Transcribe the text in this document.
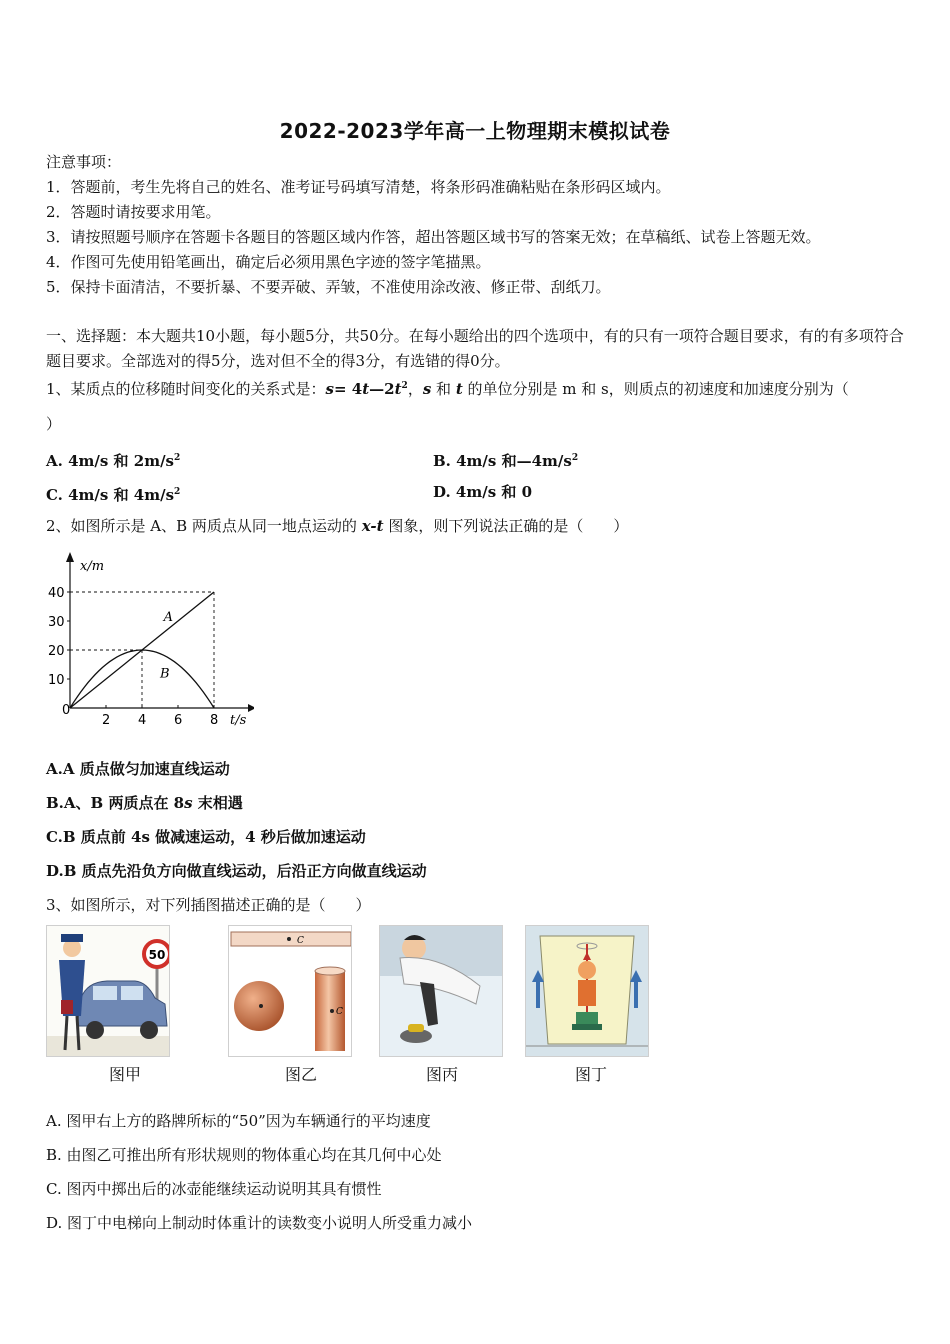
2022-2023学年高一上物理期末模拟试卷
注意事项：
1．答题前，考生先将自己的姓名、准考证号码填写清楚，将条形码准确粘贴在条形码区域内。
2．答题时请按要求用笔。
3．请按照题号顺序在答题卡各题目的答题区域内作答，超出答题区域书写的答案无效；在草稿纸、试卷上答题无效。
4．作图可先使用铅笔画出，确定后必须用黑色字迹的签字笔描黑。
5．保持卡面清洁，不要折暴、不要弄破、弄皱，不准使用涂改液、修正带、刮纸刀。
一、选择题：本大题共10小题，每小题5分，共50分。在每小题给出的四个选项中，有的只有一项符合题目要求，有的有多项符合题目要求。全部选对的得5分，选对但不全的得3分，有选错的得0分。
1、某质点的位移随时间变化的关系式是：$s= 4t—2t^2$，s 和 t 的单位分别是 m 和 s，则质点的初速度和加速度分别为（
）
A. 4m/s 和 $2m/s^2$	B. 4m/s 和$—4m/s^2$
C. 4m/s 和 $4m/s^2$	D. 4m/s 和 0
2、如图所示是 A、B 两质点从同一地点运动的 x-t 图象，则下列说法正确的是（　　）
x/m
t/s
0
10
20
30
40
2 4 6 8
A
B
A.A 质点做匀加速直线运动
B.A、B 两质点在 8s 末相遇
C.B 质点前 4s 做减速运动，4 秒后做加速运动
D.B 质点先沿负方向做直线运动，后沿正方向做直线运动
3、如图所示，对下列插图描述正确的是（　　）
50
图甲
C
C
图乙	图丙	图丁
A. 图甲右上方的路牌所标的“50”因为车辆通行的平均速度
B. 由图乙可推出所有形状规则的物体重心均在其几何中心处
C. 图丙中掷出后的冰壶能继续运动说明其具有惯性
D. 图丁中电梯向上制动时体重计的读数变小说明人所受重力减小
